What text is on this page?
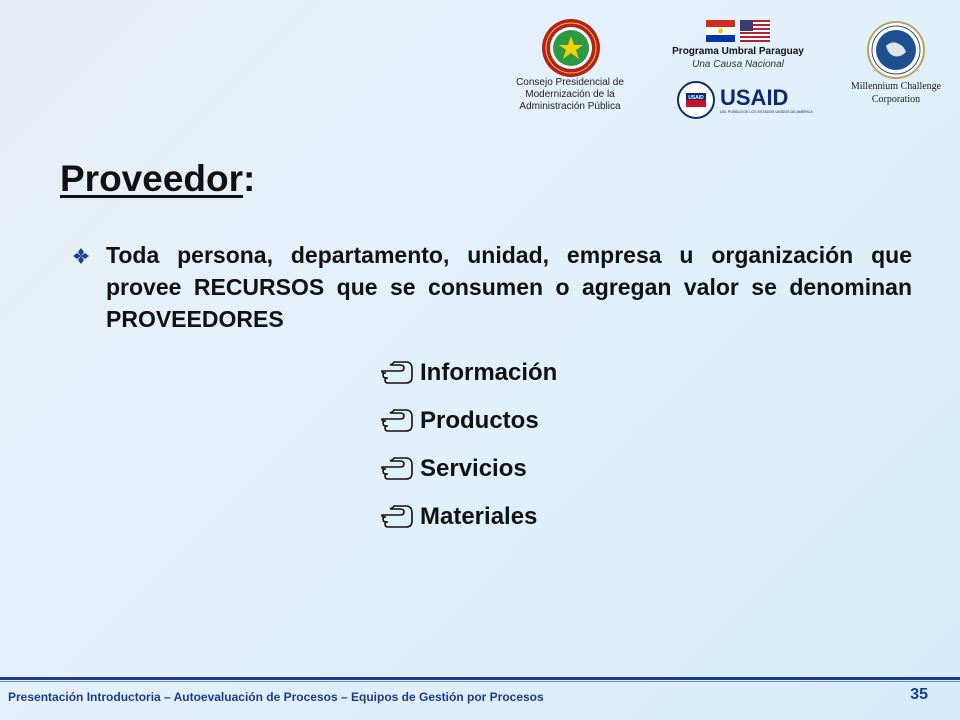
Consejo Presidencial de
Modernización de la
Administración Pública
Programa Umbral Paraguay
Una Causa Nacional
USAID USAID
DEL PUEBLO DE LOS ESTADOS UNIDOS DE AMÉRICA
Millennium Challenge
Corporation
Proveedor:
Toda persona, departamento, unidad, empresa u organización que provee RECURSOS que se consumen o agregan valor se denominan PROVEEDORES
Información
Productos
Servicios
Materiales
Presentación Introductoria – Autoevaluación de Procesos – Equipos de Gestión por Procesos	35
